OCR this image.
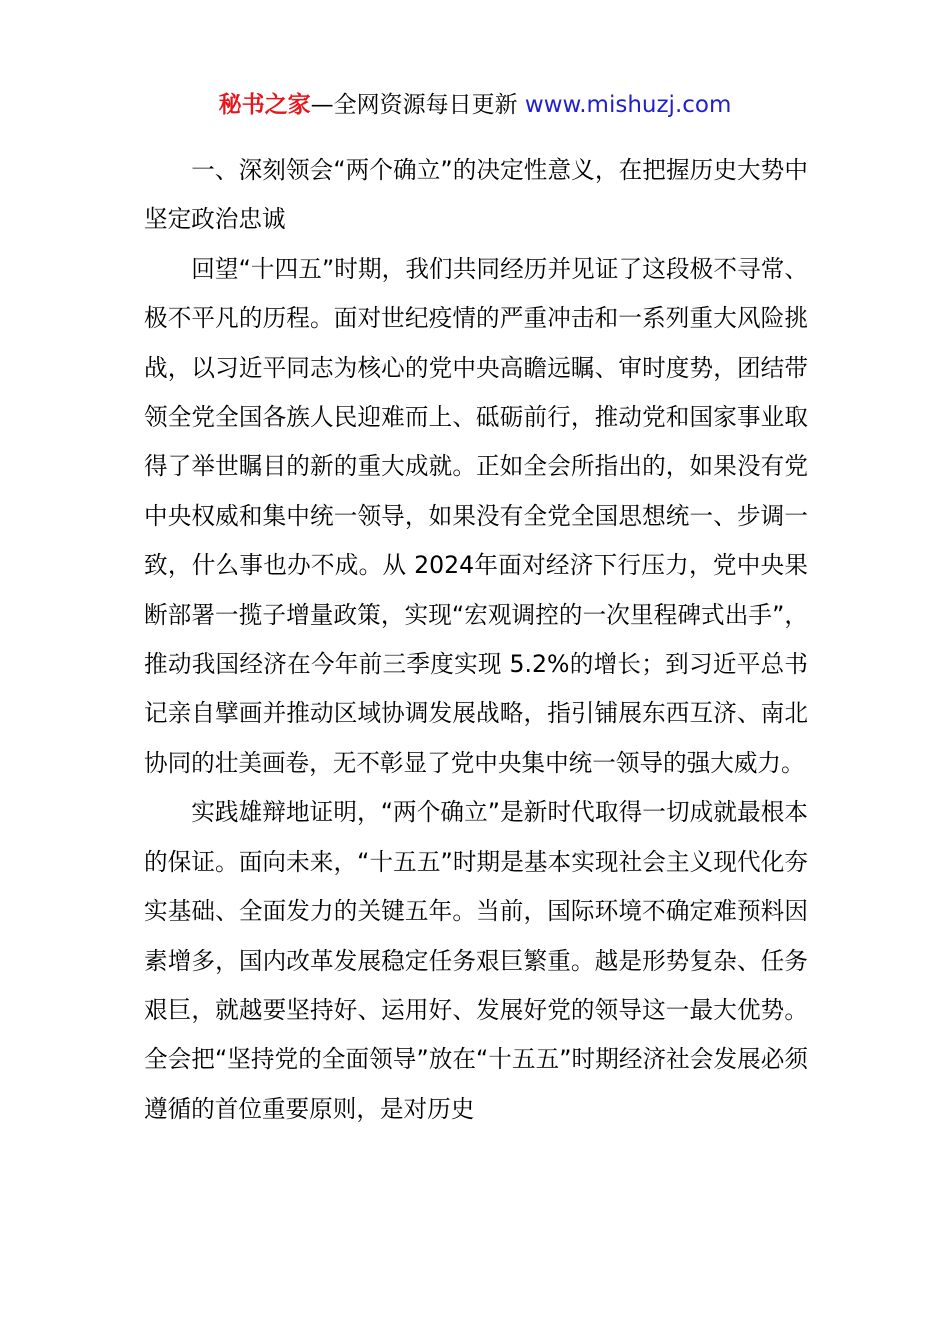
秘书之家—全网资源每日更新 www.mishuzj.com

一、深刻领会“两个确立”的决定性意义，在把握历史大势中坚定政治忠诚

回望“十四五”时期，我们共同经历并见证了这段极不寻常、极不平凡的历程。面对世纪疫情的严重冲击和一系列重大风险挑战，以习近平同志为核心的党中央高瞻远瞩、审时度势，团结带领全党全国各族人民迎难而上、砥砺前行，推动党和国家事业取得了举世瞩目的新的重大成就。正如全会所指出的，如果没有党中央权威和集中统一领导，如果没有全党全国思想统一、步调一致，什么事也办不成。从 2024年面对经济下行压力，党中央果断部署一揽子增量政策，实现“宏观调控的一次里程碑式出手”，推动我国经济在今年前三季度实现 5.2%的增长；到习近平总书记亲自擘画并推动区域协调发展战略，指引铺展东西互济、南北协同的壮美画卷，无不彰显了党中央集中统一领导的强大威力。

实践雄辩地证明，“两个确立”是新时代取得一切成就最根本的保证。面向未来，“十五五”时期是基本实现社会主义现代化夯实基础、全面发力的关键五年。当前，国际环境不确定难预料因素增多，国内改革发展稳定任务艰巨繁重。越是形势复杂、任务艰巨，就越要坚持好、运用好、发展好党的领导这一最大优势。全会把“坚持党的全面领导”放在“十五五”时期经济社会发展必须遵循的首位重要原则，是对历史
